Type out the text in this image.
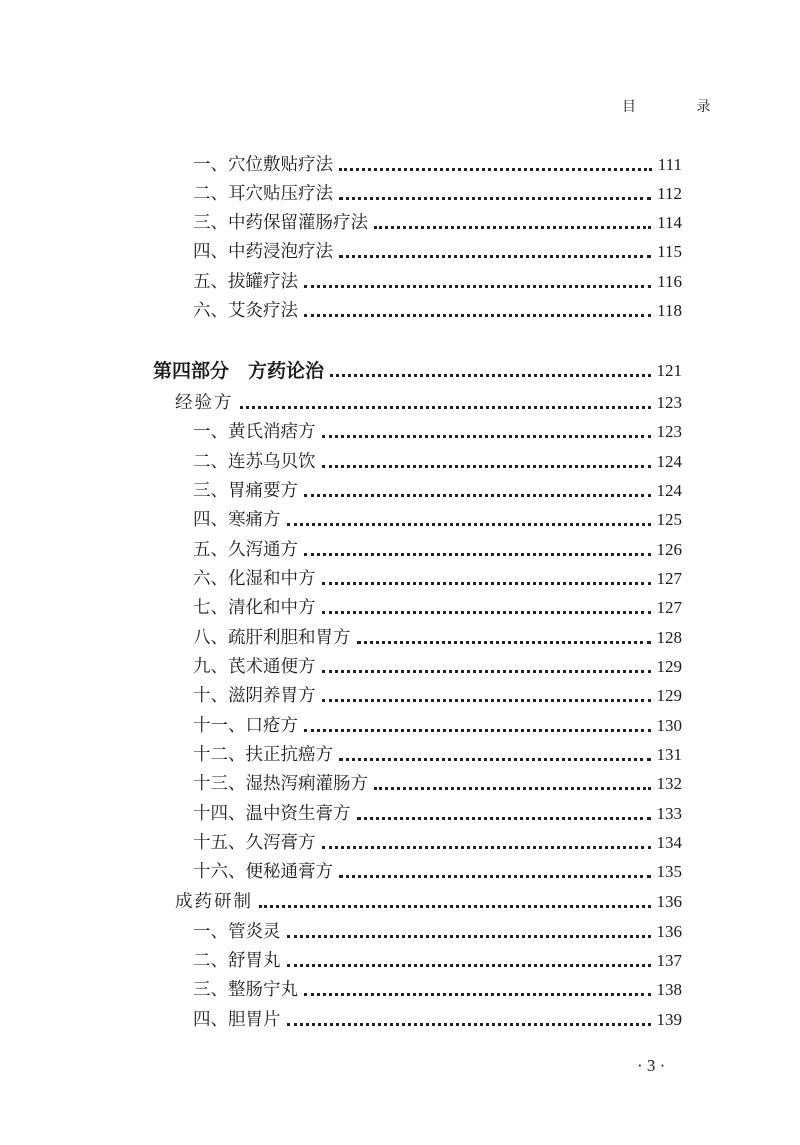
目 录
一、穴位敷贴疗法	111
二、耳穴贴压疗法	112
三、中药保留灌肠疗法	114
四、中药浸泡疗法	115
五、拔罐疗法	116
六、艾灸疗法	118
第四部分　方药论治	121
经验方	123
一、黄氏消痞方	123
二、连苏乌贝饮	124
三、胃痛要方	124
四、寒痛方	125
五、久泻通方	126
六、化湿和中方	127
七、清化和中方	127
八、疏肝利胆和胃方	128
九、芪术通便方	129
十、滋阴养胃方	129
十一、口疮方	130
十二、扶正抗癌方	131
十三、湿热泻痢灌肠方	132
十四、温中资生膏方	133
十五、久泻膏方	134
十六、便秘通膏方	135
成药研制	136
一、管炎灵	136
二、舒胃丸	137
三、整肠宁丸	138
四、胆胃片	139
· 3 ·
